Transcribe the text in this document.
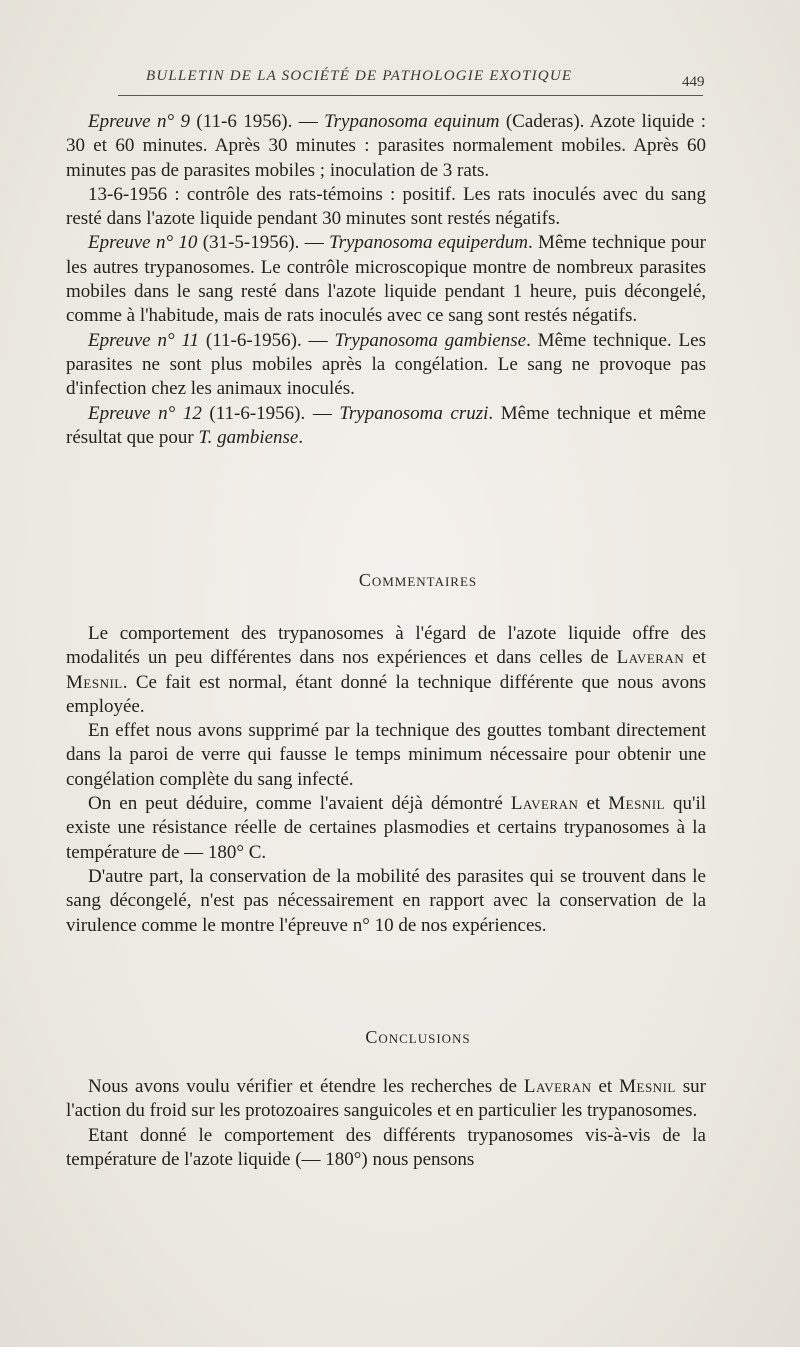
BULLETIN DE LA SOCIÉTÉ DE PATHOLOGIE EXOTIQUE	449

Epreuve n° 9 (11-6 1956). — Trypanosoma equinum (Caderas). Azote liquide : 30 et 60 minutes. Après 30 minutes : parasites normalement mobiles. Après 60 minutes pas de parasites mobiles ; inoculation de 3 rats.

13-6-1956 : contrôle des rats-témoins : positif. Les rats inoculés avec du sang resté dans l'azote liquide pendant 30 minutes sont restés négatifs.

Epreuve n° 10 (31-5-1956). — Trypanosoma equiperdum. Même technique pour les autres trypanosomes. Le contrôle microscopique montre de nombreux parasites mobiles dans le sang resté dans l'azote liquide pendant 1 heure, puis décongelé, comme à l'habitude, mais de rats inoculés avec ce sang sont restés négatifs.

Epreuve n° 11 (11-6-1956). — Trypanosoma gambiense. Même technique. Les parasites ne sont plus mobiles après la congélation. Le sang ne provoque pas d'infection chez les animaux inoculés.

Epreuve n° 12 (11-6-1956). — Trypanosoma cruzi. Même technique et même résultat que pour T. gambiense.

Commentaires

Le comportement des trypanosomes à l'égard de l'azote liquide offre des modalités un peu différentes dans nos expériences et dans celles de Laveran et Mesnil. Ce fait est normal, étant donné la technique différente que nous avons employée.

En effet nous avons supprimé par la technique des gouttes tombant directement dans la paroi de verre qui fausse le temps minimum nécessaire pour obtenir une congélation complète du sang infecté.

On en peut déduire, comme l'avaient déjà démontré Laveran et Mesnil qu'il existe une résistance réelle de certaines plasmodies et certains trypanosomes à la température de — 180° C.

D'autre part, la conservation de la mobilité des parasites qui se trouvent dans le sang décongelé, n'est pas nécessairement en rapport avec la conservation de la virulence comme le montre l'épreuve n° 10 de nos expériences.

Conclusions

Nous avons voulu vérifier et étendre les recherches de Laveran et Mesnil sur l'action du froid sur les protozoaires sanguicoles et en particulier les trypanosomes.

Etant donné le comportement des différents trypanosomes vis-à-vis de la température de l'azote liquide (— 180°) nous pensons
